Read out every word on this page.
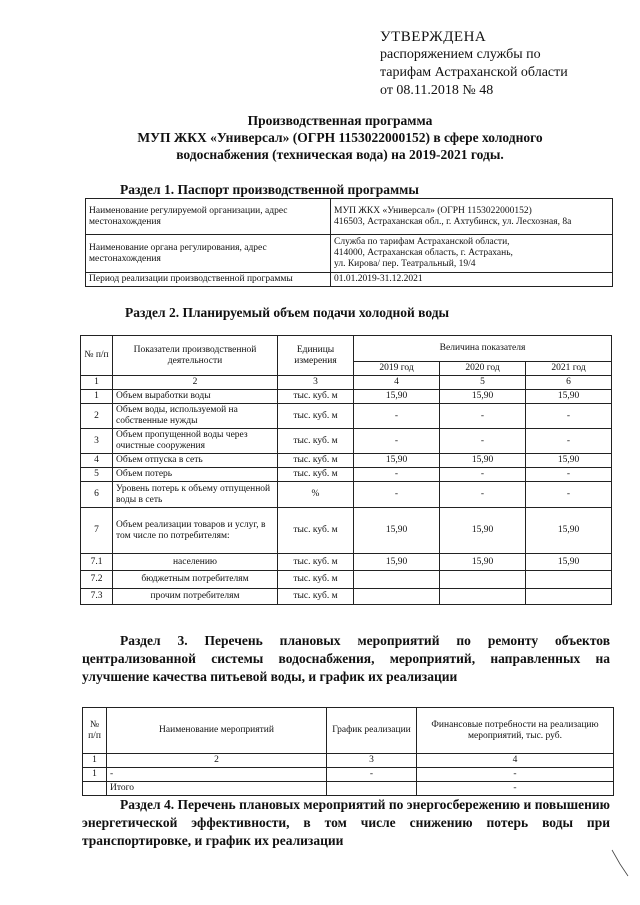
УТВЕРЖДЕНА
распоряжением службы по
тарифам Астраханской области
от 08.11.2018 № 48
Производственная программа
МУП ЖКХ «Универсал» (ОГРН 1153022000152) в сфере холодного
водоснабжения (техническая вода) на 2019-2021 годы.
Раздел 1. Паспорт производственной программы
Наименование регулируемой организации, адрес местонахождения	МУП ЖКХ «Универсал» (ОГРН 1153022000152)
416503, Астраханская обл., г. Ахтубинск, ул. Лесхозная, 8а

Наименование органа регулирования, адрес местонахождения	Служба по тарифам Астраханской области,
414000, Астраханская область, г. Астрахань,
ул. Кирова/ пер. Театральный, 19/4

Период реализации производственной программы	01.01.2019-31.12.2021
Раздел 2. Планируемый объем подачи холодной воды
№ п/п	Показатели производственной деятельности	Единицы измерения	Величина показателя		
			2019 год	2020 год	2021 год
1	2	3	4	5	6
1	Объем выработки воды	тыс. куб. м	15,90	15,90	15,90
2	Объем воды, используемой на собственные нужды	тыс. куб. м	-	-	-
3	Объем пропущенной воды через очистные сооружения	тыс. куб. м	-	-	-
4	Объем отпуска в сеть	тыс. куб. м	15,90	15,90	15,90
5	Объем потерь	тыс. куб. м	-	-	-
6	Уровень потерь к объему отпущенной воды в сеть	%	-	-	-
7	Объем реализации товаров и услуг, в том числе по потребителям:	тыс. куб. м	15,90	15,90	15,90
7.1	населению	тыс. куб. м	15,90	15,90	15,90
7.2	бюджетным потребителям	тыс. куб. м			
7.3	прочим потребителям	тыс. куб. м			
Раздел 3. Перечень плановых мероприятий по ремонту объектов централизованной системы водоснабжения, мероприятий, направленных на улучшение качества питьевой воды, и график их реализации
№ п/п	Наименование мероприятий	График реализации	Финансовые потребности на реализацию мероприятий, тыс. руб.
1	2	3	4
1	-	-	-
	Итого		-
Раздел 4. Перечень плановых мероприятий по энергосбережению и повышению энергетической эффективности, в том числе снижению потерь воды при транспортировке, и график их реализации
